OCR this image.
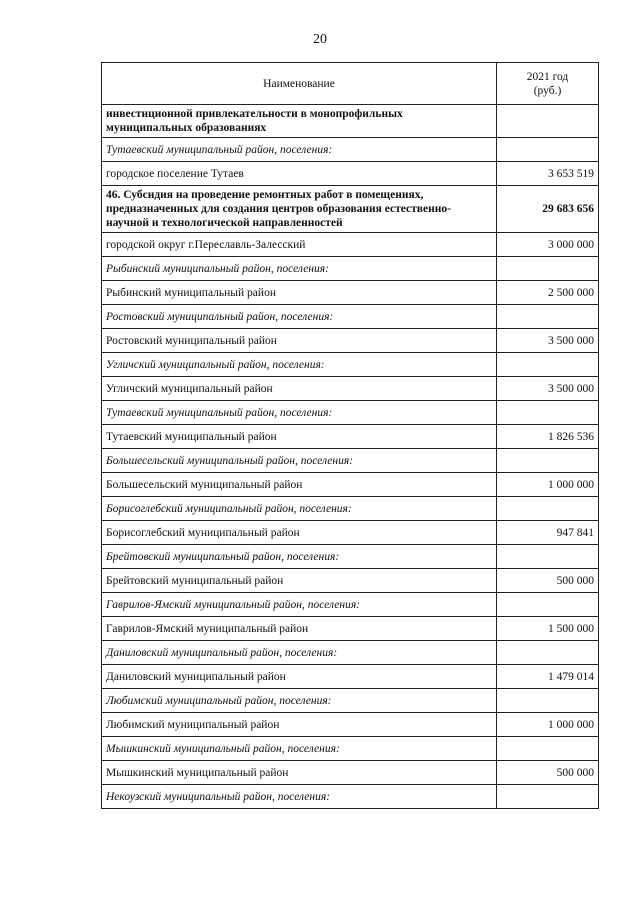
20
Наименование	2021 год
(руб.)

инвестиционной привлекательности в монопрофильных муниципальных образованиях	
Тутаевский муниципальный район, поселения:	
городское поселение Тутаев	3 653 519
46. Субсидия на проведение ремонтных работ в помещениях, предназначенных для создания центров образования естественно-научной и технологической направленностей	29 683 656
городской округ г.Переславль-Залесский	3 000 000
Рыбинский муниципальный район, поселения:	
Рыбинский муниципальный район	2 500 000
Ростовский муниципальный район, поселения:	
Ростовский муниципальный район	3 500 000
Угличский муниципальный район, поселения:	
Угличский муниципальный район	3 500 000
Тутаевский муниципальный район, поселения:	
Тутаевский муниципальный район	1 826 536
Большесельский муниципальный район, поселения:	
Большесельский муниципальный район	1 000 000
Борисоглебский муниципальный район, поселения:	
Борисоглебский муниципальный район	947 841
Брейтовский муниципальный район, поселения:	
Брейтовский муниципальный район	500 000
Гаврилов-Ямский муниципальный район, поселения:	
Гаврилов-Ямский муниципальный район	1 500 000
Даниловский муниципальный район, поселения:	
Даниловский муниципальный район	1 479 014
Любимский муниципальный район, поселения:	
Любимский муниципальный район	1 000 000
Мышкинский муниципальный район, поселения:	
Мышкинский муниципальный район	500 000
Некоузский муниципальный район, поселения:	
